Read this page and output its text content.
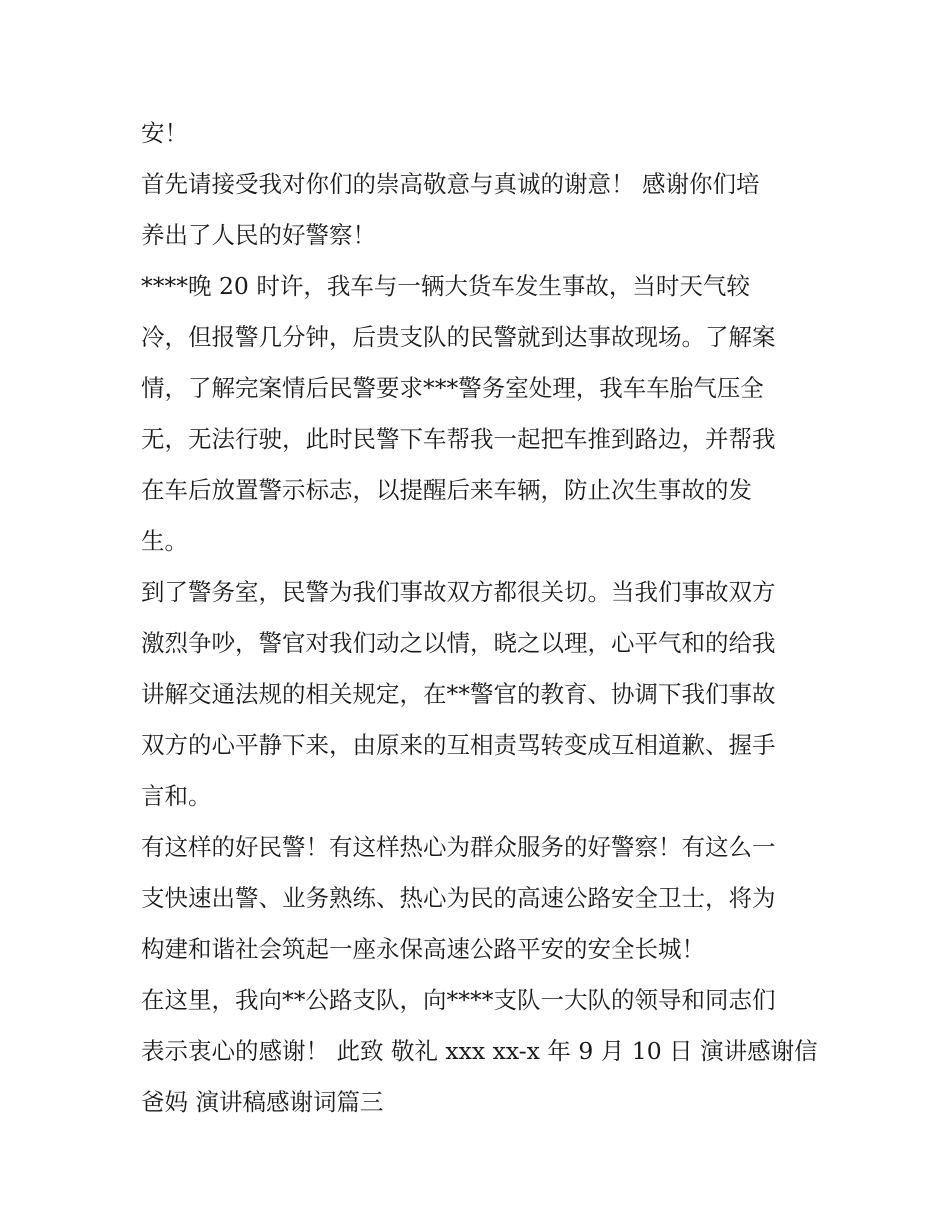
安！
首先请接受我对你们的崇高敬意与真诚的谢意！ 感谢你们培
养出了人民的好警察！
****晚 20 时许，我车与一辆大货车发生事故，当时天气较
冷，但报警几分钟，后贵支队的民警就到达事故现场。了解案
情，了解完案情后民警要求***警务室处理，我车车胎气压全
无，无法行驶，此时民警下车帮我一起把车推到路边，并帮我
在车后放置警示标志，以提醒后来车辆，防止次生事故的发
生。
到了警务室，民警为我们事故双方都很关切。当我们事故双方
激烈争吵，警官对我们动之以情，晓之以理，心平气和的给我
讲解交通法规的相关规定，在**警官的教育、协调下我们事故
双方的心平静下来，由原来的互相责骂转变成互相道歉、握手
言和。
有这样的好民警！有这样热心为群众服务的好警察！有这么一
支快速出警、业务熟练、热心为民的高速公路安全卫士，将为
构建和谐社会筑起一座永保高速公路平安的安全长城！
在这里，我向**公路支队，向****支队一大队的领导和同志们
表示衷心的感谢！ 此致 敬礼 xxx xx-x 年 9 月 10 日 演讲感谢信
爸妈 演讲稿感谢词篇三
